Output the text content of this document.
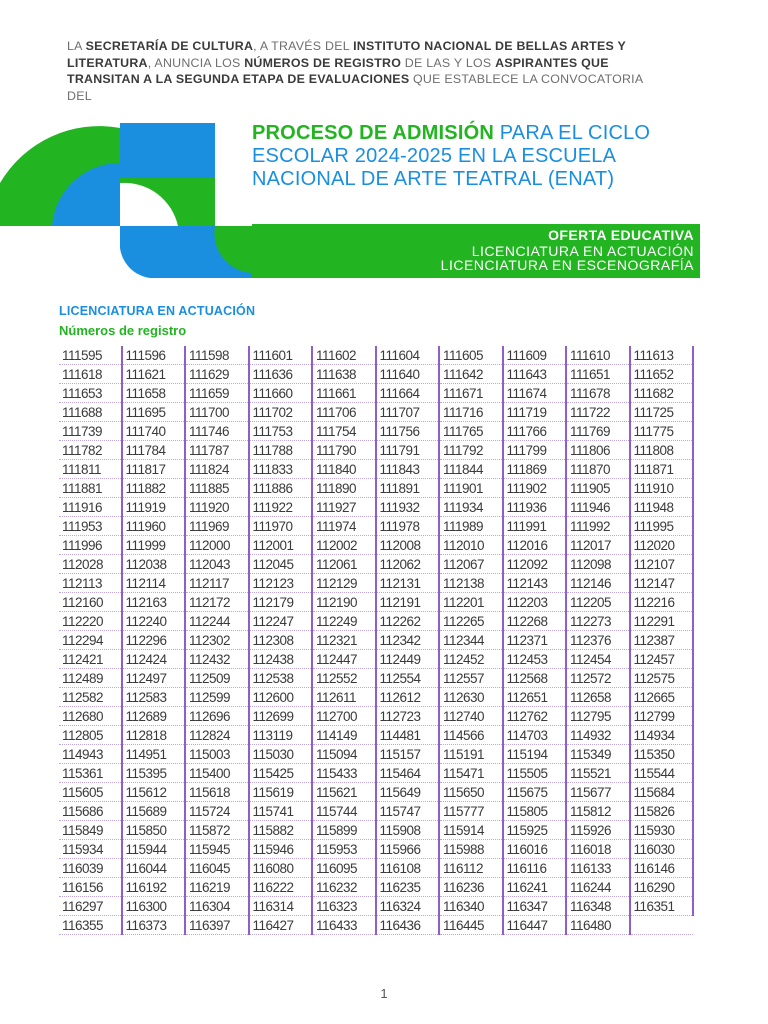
LA SECRETARÍA DE CULTURA, A TRAVÉS DEL INSTITUTO NACIONAL DE BELLAS ARTES Y LITERATURA, ANUNCIA LOS NÚMEROS DE REGISTRO DE LAS Y LOS ASPIRANTES QUE TRANSITAN A LA SEGUNDA ETAPA DE EVALUACIONES QUE ESTABLECE LA CONVOCATORIA DEL
PROCESO DE ADMISIÓN PARA EL CICLO ESCOLAR 2024-2025 EN LA ESCUELA NACIONAL DE ARTE TEATRAL (ENAT)
OFERTA EDUCATIVA
LICENCIATURA EN ACTUACIÓN
LICENCIATURA EN ESCENOGRAFÍA
LICENCIATURA EN ACTUACIÓN
Números de registro
111595	111596	111598	111601	111602	111604	111605	111609	111610	111613
111618	111621	111629	111636	111638	111640	111642	111643	111651	111652
111653	111658	111659	111660	111661	111664	111671	111674	111678	111682
111688	111695	111700	111702	111706	111707	111716	111719	111722	111725
111739	111740	111746	111753	111754	111756	111765	111766	111769	111775
111782	111784	111787	111788	111790	111791	111792	111799	111806	111808
111811	111817	111824	111833	111840	111843	111844	111869	111870	111871
111881	111882	111885	111886	111890	111891	111901	111902	111905	111910
111916	111919	111920	111922	111927	111932	111934	111936	111946	111948
111953	111960	111969	111970	111974	111978	111989	111991	111992	111995
111996	111999	112000	112001	112002	112008	112010	112016	112017	112020
112028	112038	112043	112045	112061	112062	112067	112092	112098	112107
112113	112114	112117	112123	112129	112131	112138	112143	112146	112147
112160	112163	112172	112179	112190	112191	112201	112203	112205	112216
112220	112240	112244	112247	112249	112262	112265	112268	112273	112291
112294	112296	112302	112308	112321	112342	112344	112371	112376	112387
112421	112424	112432	112438	112447	112449	112452	112453	112454	112457
112489	112497	112509	112538	112552	112554	112557	112568	112572	112575
112582	112583	112599	112600	112611	112612	112630	112651	112658	112665
112680	112689	112696	112699	112700	112723	112740	112762	112795	112799
112805	112818	112824	113119	114149	114481	114566	114703	114932	114934
114943	114951	115003	115030	115094	115157	115191	115194	115349	115350
115361	115395	115400	115425	115433	115464	115471	115505	115521	115544
115605	115612	115618	115619	115621	115649	115650	115675	115677	115684
115686	115689	115724	115741	115744	115747	115777	115805	115812	115826
115849	115850	115872	115882	115899	115908	115914	115925	115926	115930
115934	115944	115945	115946	115953	115966	115988	116016	116018	116030
116039	116044	116045	116080	116095	116108	116112	116116	116133	116146
116156	116192	116219	116222	116232	116235	116236	116241	116244	116290
116297	116300	116304	116314	116323	116324	116340	116347	116348	116351
116355	116373	116397	116427	116433	116436	116445	116447	116480	
1
